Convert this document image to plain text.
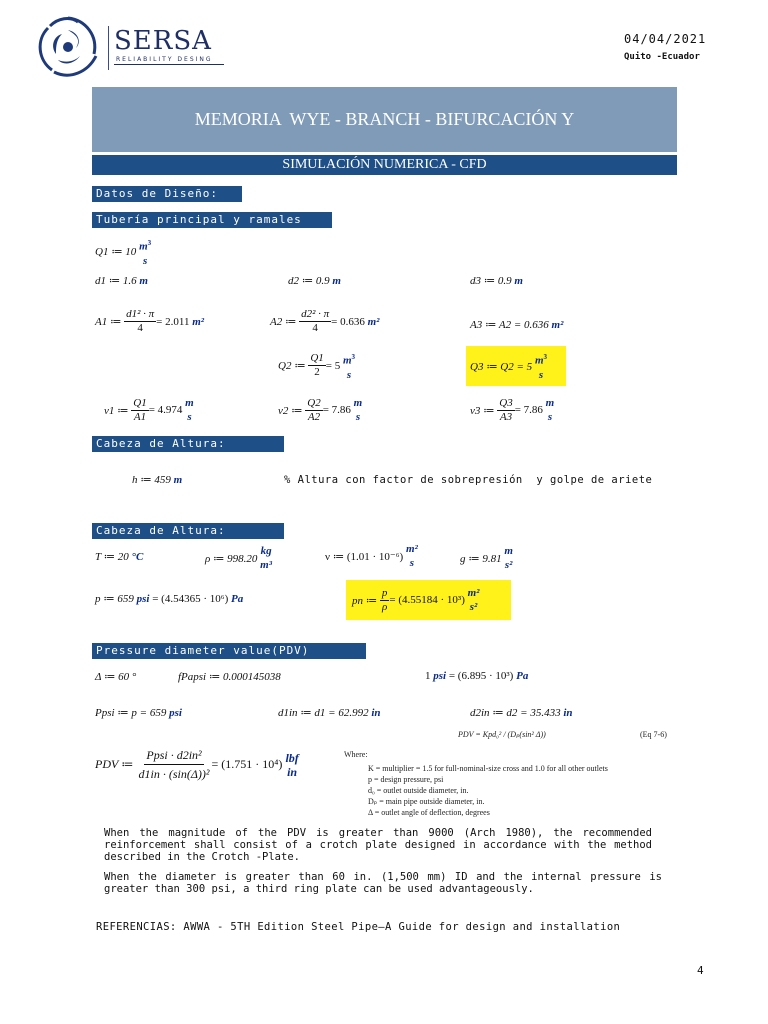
SERSA
RELIABILITY DESING
04/04/2021
Quito -Ecuador
MEMORIA  WYE - BRANCH - BIFURCACIÓN Y
SIMULACIÓN NUMERICA - CFD
Datos de Diseño:
Tubería principal y ramales
Q1 ≔ 10
$m^3$
s
d1 ≔ 1.6 m	d2 ≔ 0.9 m	d3 ≔ 0.9 m
A1 ≔
$\frac{\text{d1² · π}}{4} = 2.011$
m²	A2 ≔
$\frac{\text{d2² · π}}{4} = 0.636$
m²	A3 ≔ A2 = 0.636 m²
Q2 ≔
$\frac{Q1}{2} = 5$
$m^3$
s
Q3 ≔ Q2 = 5
$m^3$
s
v1 ≔
$\frac{Q1}{A1} = 4.974$

m
s
v2 ≔
$\frac{Q2}{A2} = 7.86$

m
s
v3 ≔
$\frac{Q3}{A3} = 7.86$

m
s
Cabeza de Altura:
h ≔ 459 m	% Altura con factor de sobrepresión  y golpe de ariete
Cabeza de Altura:
T ≔ 20 °C	ρ ≔ 998.20

kg
m³
ν ≔ (1.01 · 10⁻⁶)

m²
s	g ≔ 9.81

m
s²
p ≔ 659 psi = (4.54365 · 10⁶) Pa	pn ≔
$\frac{p}{\rho} = (4.55184 \cdot 10^3)$

m²
s²
Pressure diameter value(PDV)
Δ ≔ 60 °	fPapsi ≔ 0.000145038	1 psi = (6.895 · 10³) Pa
Ppsi ≔ p = 659 psi	d1in ≔ d1 = 62.992 in	d2in ≔ d2 = 35.433 in
PDV ≔
$\frac{\text{Ppsi · d2in²}}{\text{d1in · (sin(Δ))²}} = (1.751 \cdot 10^4)$
lbf
in
PDV = Kpd₀² / (Dₚ(sin² Δ))	(Eq 7-6)
Where:
K = multiplier = 1.5 for full-nominal-size cross and 1.0 for all other outlets
p = design pressure, psi
d₀ = outlet outside diameter, in.
Dₚ = main pipe outside diameter, in.
Δ = outlet angle of deflection, degrees
When the magnitude of the PDV is greater than 9000 (Arch 1980), the recommended reinforcement shall consist of a crotch plate designed in accordance with the method described in the Crotch -Plate.
When the diameter is greater than 60 in. (1,500 mm) ID and the internal pressure is greater than 300 psi, a third ring plate can be used advantageously.
REFERENCIAS: AWWA - 5TH Edition Steel Pipe—A Guide for design and installation
4
